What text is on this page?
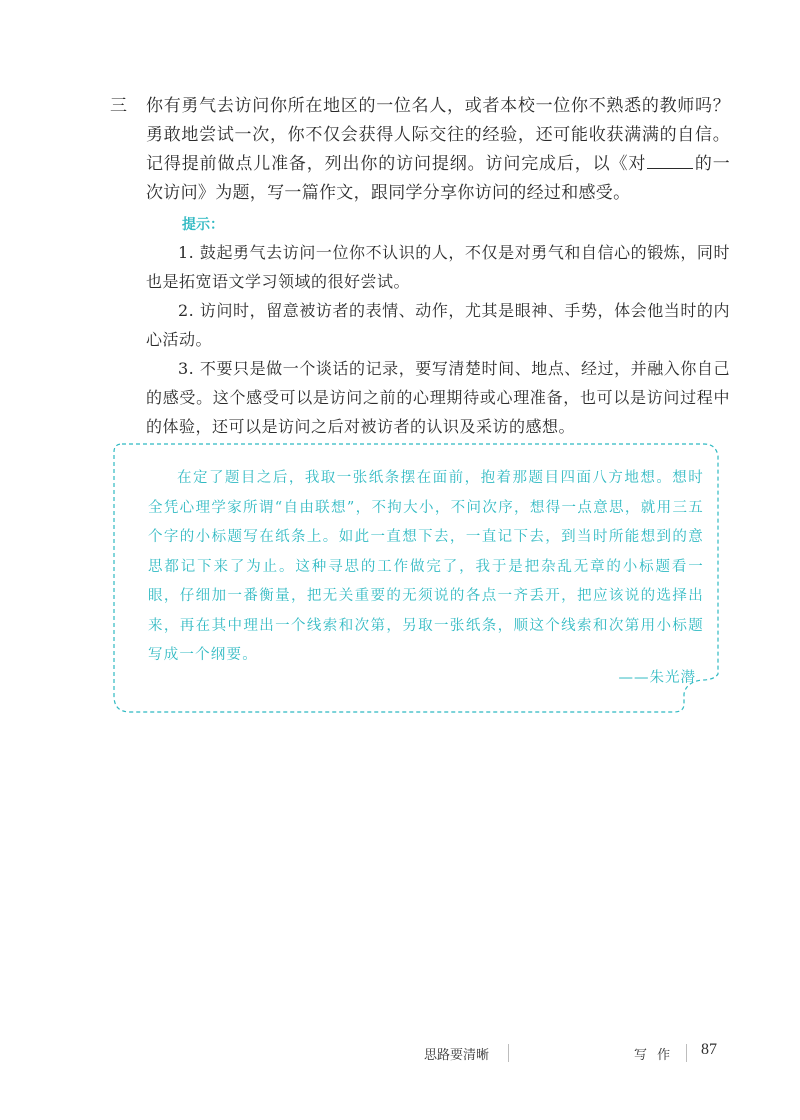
三 你有勇气去访问你所在地区的一位名人，或者本校一位你不熟悉的教师吗？勇敢地尝试一次，你不仅会获得人际交往的经验，还可能收获满满的自信。记得提前做点儿准备，列出你的访问提纲。访问完成后，以《对	的一次访问》为题，写一篇作文，跟同学分享你访问的经过和感受。
提示：
1. 鼓起勇气去访问一位你不认识的人，不仅是对勇气和自信心的锻炼，同时也是拓宽语文学习领域的很好尝试。
2. 访问时，留意被访者的表情、动作，尤其是眼神、手势，体会他当时的内心活动。
3. 不要只是做一个谈话的记录，要写清楚时间、地点、经过，并融入你自己的感受。这个感受可以是访问之前的心理期待或心理准备，也可以是访问过程中的体验，还可以是访问之后对被访者的认识及采访的感想。
在定了题目之后，我取一张纸条摆在面前，抱着那题目四面八方地想。想时全凭心理学家所谓“自由联想”，不拘大小，不问次序，想得一点意思，就用三五个字的小标题写在纸条上。如此一直想下去，一直记下去，到当时所能想到的意思都记下来了为止。这种寻思的工作做完了，我于是把杂乱无章的小标题看一眼，仔细加一番衡量，把无关重要的无须说的各点一齐丢开，把应该说的选择出来，再在其中理出一个线索和次第，另取一张纸条，顺这个线索和次第用小标题写成一个纲要。
——朱光潜
思路要清晰	写 作 87
